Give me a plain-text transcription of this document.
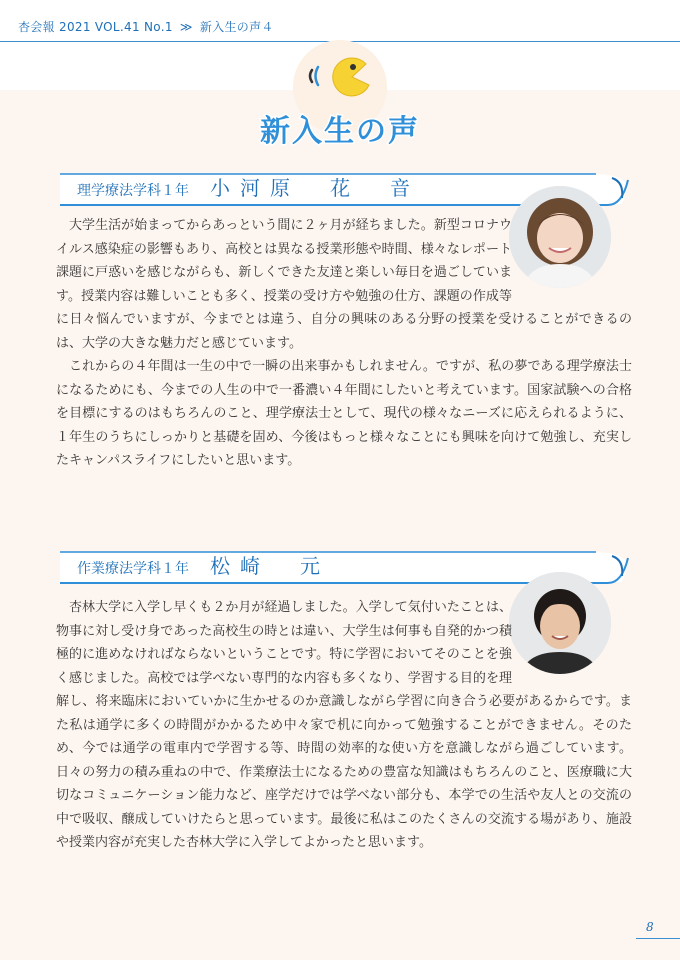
杏会報 2021 VOL.41 No.1 ≫ 新入生の声４
新入生の声
理学療法学科１年 小河原　花　音

大学生活が始まってからあっという間に２ヶ月が経ちました。新型コロナウイルス感染症の影響もあり、高校とは異なる授業形態や時間、様々なレポート課題に戸惑いを感じながらも、新しくできた友達と楽しい毎日を過ごしています。授業内容は難しいことも多く、授業の受け方や勉強の仕方、課題の作成等に日々悩んでいますが、今までとは違う、自分の興味のある分野の授業を受けることができるのは、大学の大きな魅力だと感じています。

これからの４年間は一生の中で一瞬の出来事かもしれません。ですが、私の夢である理学療法士になるためにも、今までの人生の中で一番濃い４年間にしたいと考えています。国家試験への合格を目標にするのはもちろんのこと、理学療法士として、現代の様々なニーズに応えられるように、１年生のうちにしっかりと基礎を固め、今後はもっと様々なことにも興味を向けて勉強し、充実したキャンパスライフにしたいと思います。

作業療法学科１年 松崎　元

杏林大学に入学し早くも２か月が経過しました。入学して気付いたことは、物事に対し受け身であった高校生の時とは違い、大学生は何事も自発的かつ積極的に進めなければならないということです。特に学習においてそのことを強く感じました。高校では学べない専門的な内容も多くなり、学習する目的を理解し、将来臨床においていかに生かせるのか意識しながら学習に向き合う必要があるからです。また私は通学に多くの時間がかかるため中々家で机に向かって勉強することができません。そのため、今では通学の電車内で学習する等、時間の効率的な使い方を意識しながら過ごしています。日々の努力の積み重ねの中で、作業療法士になるための豊富な知識はもちろんのこと、医療職に大切なコミュニケーション能力など、座学だけでは学べない部分も、本学での生活や友人との交流の中で吸収、醸成していけたらと思っています。最後に私はこのたくさんの交流する場があり、施設や授業内容が充実した杏林大学に入学してよかったと思います。

8
